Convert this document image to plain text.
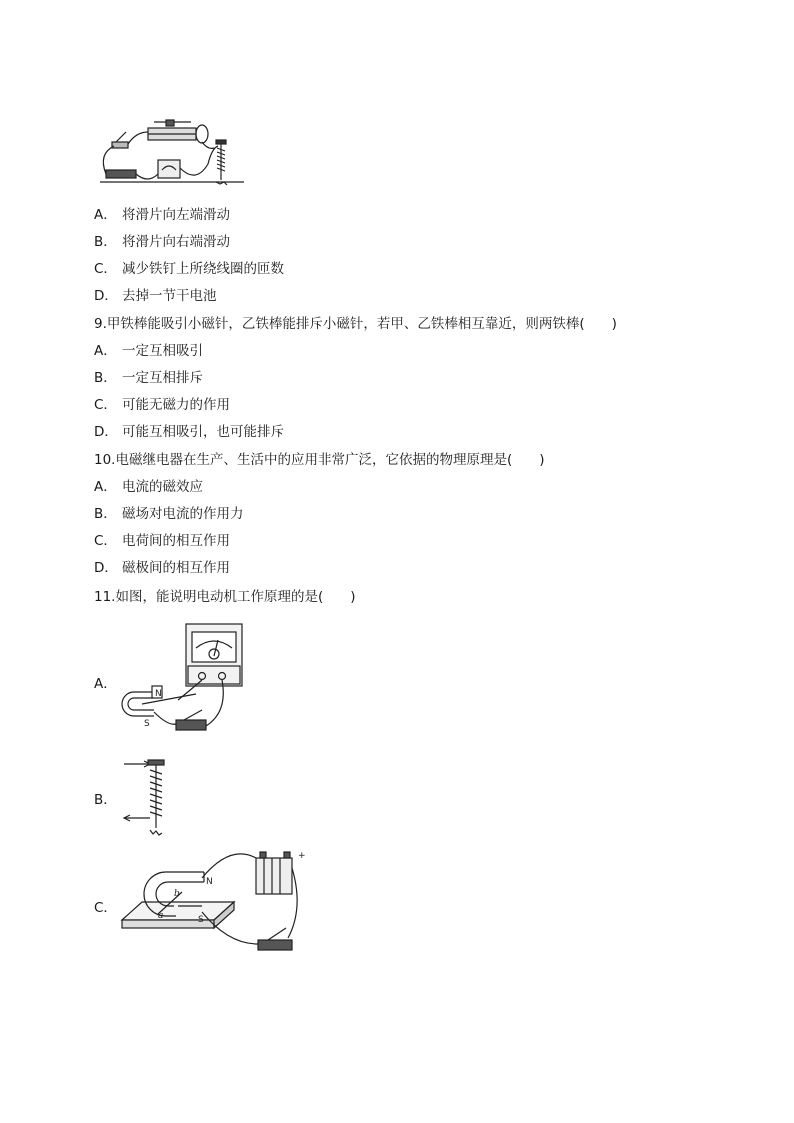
A． 将滑片向左端滑动
B． 将滑片向右端滑动
C． 减少铁钉上所绕线圈的匝数
D． 去掉一节干电池
9.甲铁棒能吸引小磁针，乙铁棒能排斥小磁针，若甲、乙铁棒相互靠近，则两铁棒(　　)
A． 一定互相吸引
B． 一定互相排斥
C． 可能无磁力的作用
D． 可能互相吸引，也可能排斥
10.电磁继电器在生产、生活中的应用非常广泛，它依据的物理原理是(　　)
A． 电流的磁效应
B． 磁场对电流的作用力
C． 电荷间的相互作用
D． 磁极间的相互作用
11.如图，能说明电动机工作原理的是(　　)
A．
N
S
B．
C．
N
S
b
a
+
